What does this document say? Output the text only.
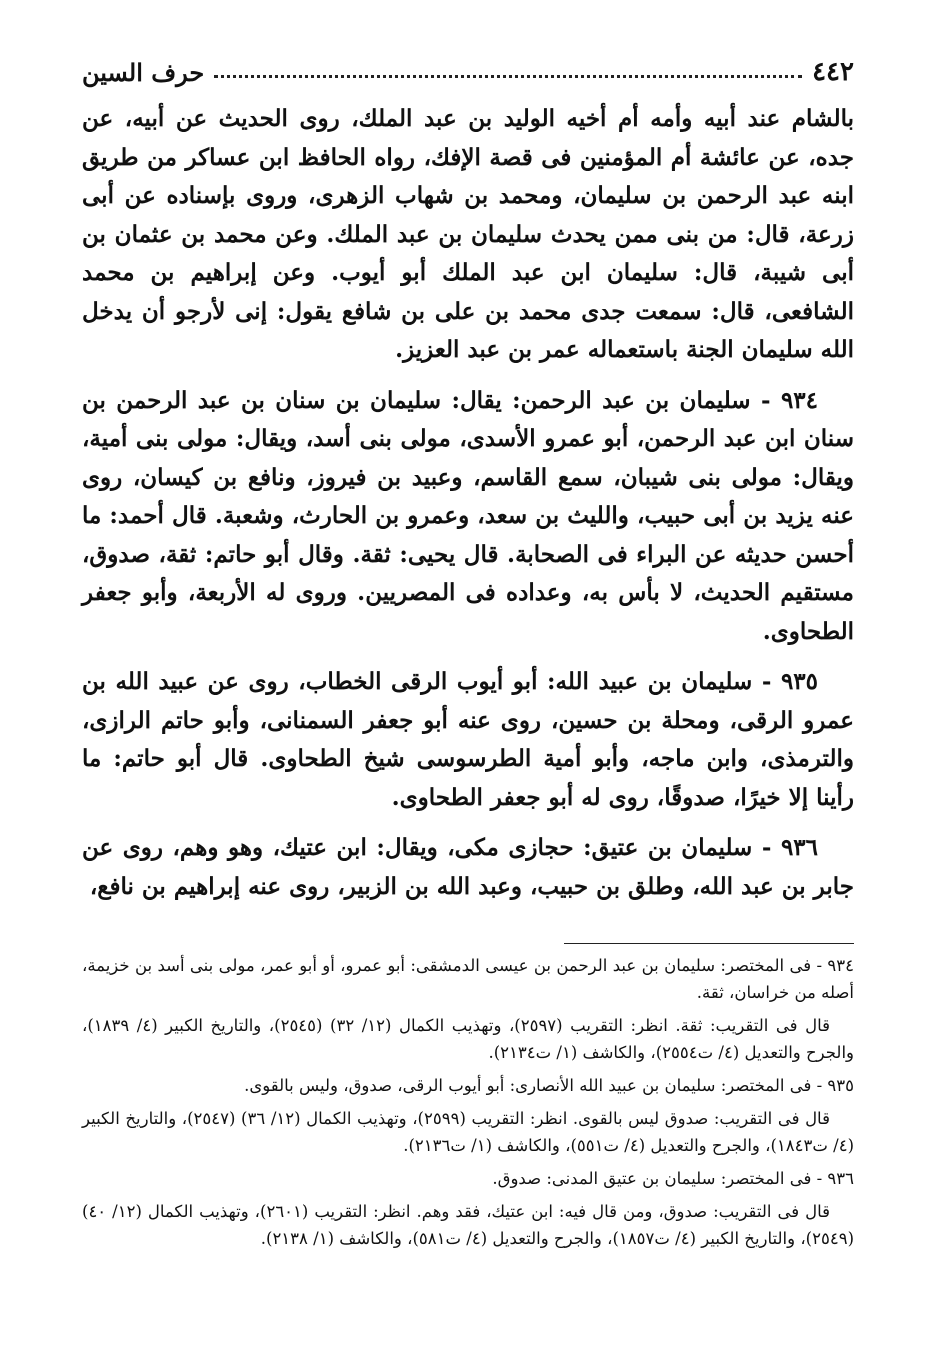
٤٤٢
حرف السين

بالشام عند أبيه وأمه أم أخيه الوليد بن عبد الملك، روى الحديث عن أبيه، عن جده، عن عائشة أم المؤمنين فى قصة الإفك، رواه الحافظ ابن عساكر من طريق ابنه عبد الرحمن بن سليمان، ومحمد بن شهاب الزهرى، وروى بإسناده عن أبى زرعة، قال: من بنى ممن يحدث سليمان بن عبد الملك. وعن محمد بن عثمان بن أبى شيبة، قال: سليمان ابن عبد الملك أبو أيوب. وعن إبراهيم بن محمد الشافعى، قال: سمعت جدى محمد بن على بن شافع يقول: إنى لأرجو أن يدخل الله سليمان الجنة باستعماله عمر بن عبد العزيز.

٩٣٤ - سليمان بن عبد الرحمن: يقال: سليمان بن سنان بن عبد الرحمن بن سنان ابن عبد الرحمن، أبو عمرو الأسدى، مولى بنى أسد، ويقال: مولى بنى أمية، ويقال: مولى بنى شيبان، سمع القاسم، وعبيد بن فيروز، ونافع بن كيسان، روى عنه يزيد بن أبى حبيب، والليث بن سعد، وعمرو بن الحارث، وشعبة. قال أحمد: ما أحسن حديثه عن البراء فى الصحابة. قال يحيى: ثقة. وقال أبو حاتم: ثقة، صدوق، مستقيم الحديث، لا بأس به، وعداده فى المصريين. وروى له الأربعة، وأبو جعفر الطحاوى.

٩٣٥ - سليمان بن عبيد الله: أبو أيوب الرقى الخطاب، روى عن عبيد الله بن عمرو الرقى، ومحلة بن حسين، روى عنه أبو جعفر السمنانى، وأبو حاتم الرازى، والترمذى، وابن ماجه، وأبو أمية الطرسوسى شيخ الطحاوى. قال أبو حاتم: ما رأينا إلا خيرًا، صدوقًا، روى له أبو جعفر الطحاوى.

٩٣٦ - سليمان بن عتيق: حجازى مكى، ويقال: ابن عتيك، وهو وهم، روى عن جابر بن عبد الله، وطلق بن حبيب، وعبد الله بن الزبير، روى عنه إبراهيم بن نافع،

٩٣٤ - فى المختصر: سليمان بن عبد الرحمن بن عيسى الدمشقى: أبو عمرو، أو أبو عمر، مولى بنى أسد بن خزيمة، أصله من خراسان، ثقة.

قال فى التقريب: ثقة. انظر: التقريب (٢٥٩٧)، وتهذيب الكمال (١٢/ ٣٢) (٢٥٤٥)، والتاريخ الكبير (٤/ ١٨٣٩)، والجرح والتعديل (٤/ ت٢٥٥٤)، والكاشف (١/ ت٢١٣٤).

٩٣٥ - فى المختصر: سليمان بن عبيد الله الأنصارى: أبو أيوب الرقى، صدوق، وليس بالقوى.

قال فى التقريب: صدوق ليس بالقوى. انظر: التقريب (٢٥٩٩)، وتهذيب الكمال (١٢/ ٣٦) (٢٥٤٧)، والتاريخ الكبير (٤/ ت١٨٤٣)، والجرح والتعديل (٤/ ت٥٥١)، والكاشف (١/ ت٢١٣٦).

٩٣٦ - فى المختصر: سليمان بن عتيق المدنى: صدوق.

قال فى التقريب: صدوق، ومن قال فيه: ابن عتيك، فقد وهم. انظر: التقريب (٢٦٠١)، وتهذيب الكمال (١٢/ ٤٠) (٢٥٤٩)، والتاريخ الكبير (٤/ ت١٨٥٧)، والجرح والتعديل (٤/ ت٥٨١)، والكاشف (١/ ٢١٣٨).
